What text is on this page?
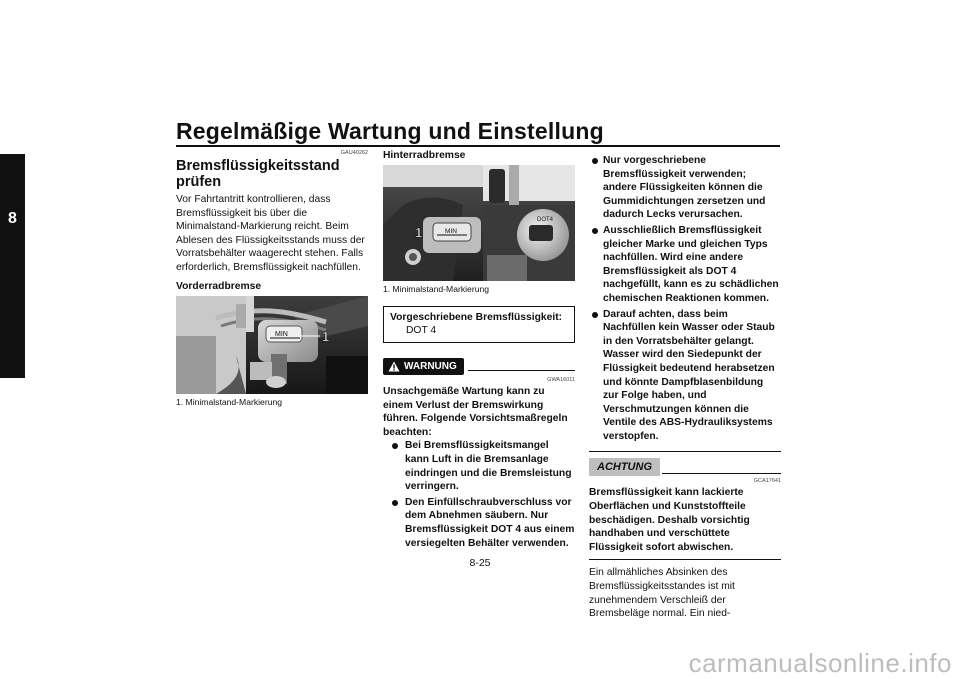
Regelmäßige Wartung und Einstellung
8
GAU40262
Bremsflüssigkeitsstand prüfen

Vor Fahrtantritt kontrollieren, dass Bremsflüssigkeit bis über die Minimalstand-Markierung reicht. Beim Ablesen des Flüssigkeitsstands muss der Vorratsbehälter waagerecht stehen. Falls erforderlich, Bremsflüssigkeit nachfüllen.

Vorderradbremse
MIN	1
1. Minimalstand-Markierung
Hinterradbremse
MIN
1
DOT4
1. Minimalstand-Markierung
Vorgeschriebene Bremsflüssigkeit:
DOT 4
WARNUNG
GWA16011
Unsachgemäße Wartung kann zu einem Verlust der Bremswirkung führen. Folgende Vorsichtsmaßregeln beachten:
Bei Bremsflüssigkeitsmangel kann Luft in die Bremsanlage eindringen und die Bremsleistung verringern.
Den Einfüllschraubverschluss vor dem Abnehmen säubern. Nur Bremsflüssigkeit DOT 4 aus einem versiegelten Behälter verwenden.
Nur vorgeschriebene Bremsflüssigkeit verwenden; andere Flüssigkeiten können die Gummidichtungen zersetzen und dadurch Lecks verursachen.
Ausschließlich Bremsflüssigkeit gleicher Marke und gleichen Typs nachfüllen. Wird eine andere Bremsflüssigkeit als DOT 4 nachgefüllt, kann es zu schädlichen chemischen Reaktionen kommen.
Darauf achten, dass beim Nachfüllen kein Wasser oder Staub in den Vorratsbehälter gelangt. Wasser wird den Siedepunkt der Flüssigkeit bedeutend herabsetzen und könnte Dampfblasenbildung zur Folge haben, und Verschmutzungen können die Ventile des ABS-Hydrauliksystems verstopfen.
ACHTUNG
GCA17641
Bremsflüssigkeit kann lackierte Oberflächen und Kunststoffteile beschädigen. Deshalb vorsichtig handhaben und verschüttete Flüssigkeit sofort abwischen.

Ein allmähliches Absinken des Bremsflüssigkeitsstandes ist mit zunehmendem Verschleiß der Bremsbeläge normal. Ein nied-

8-25
carmanualsonline.info
